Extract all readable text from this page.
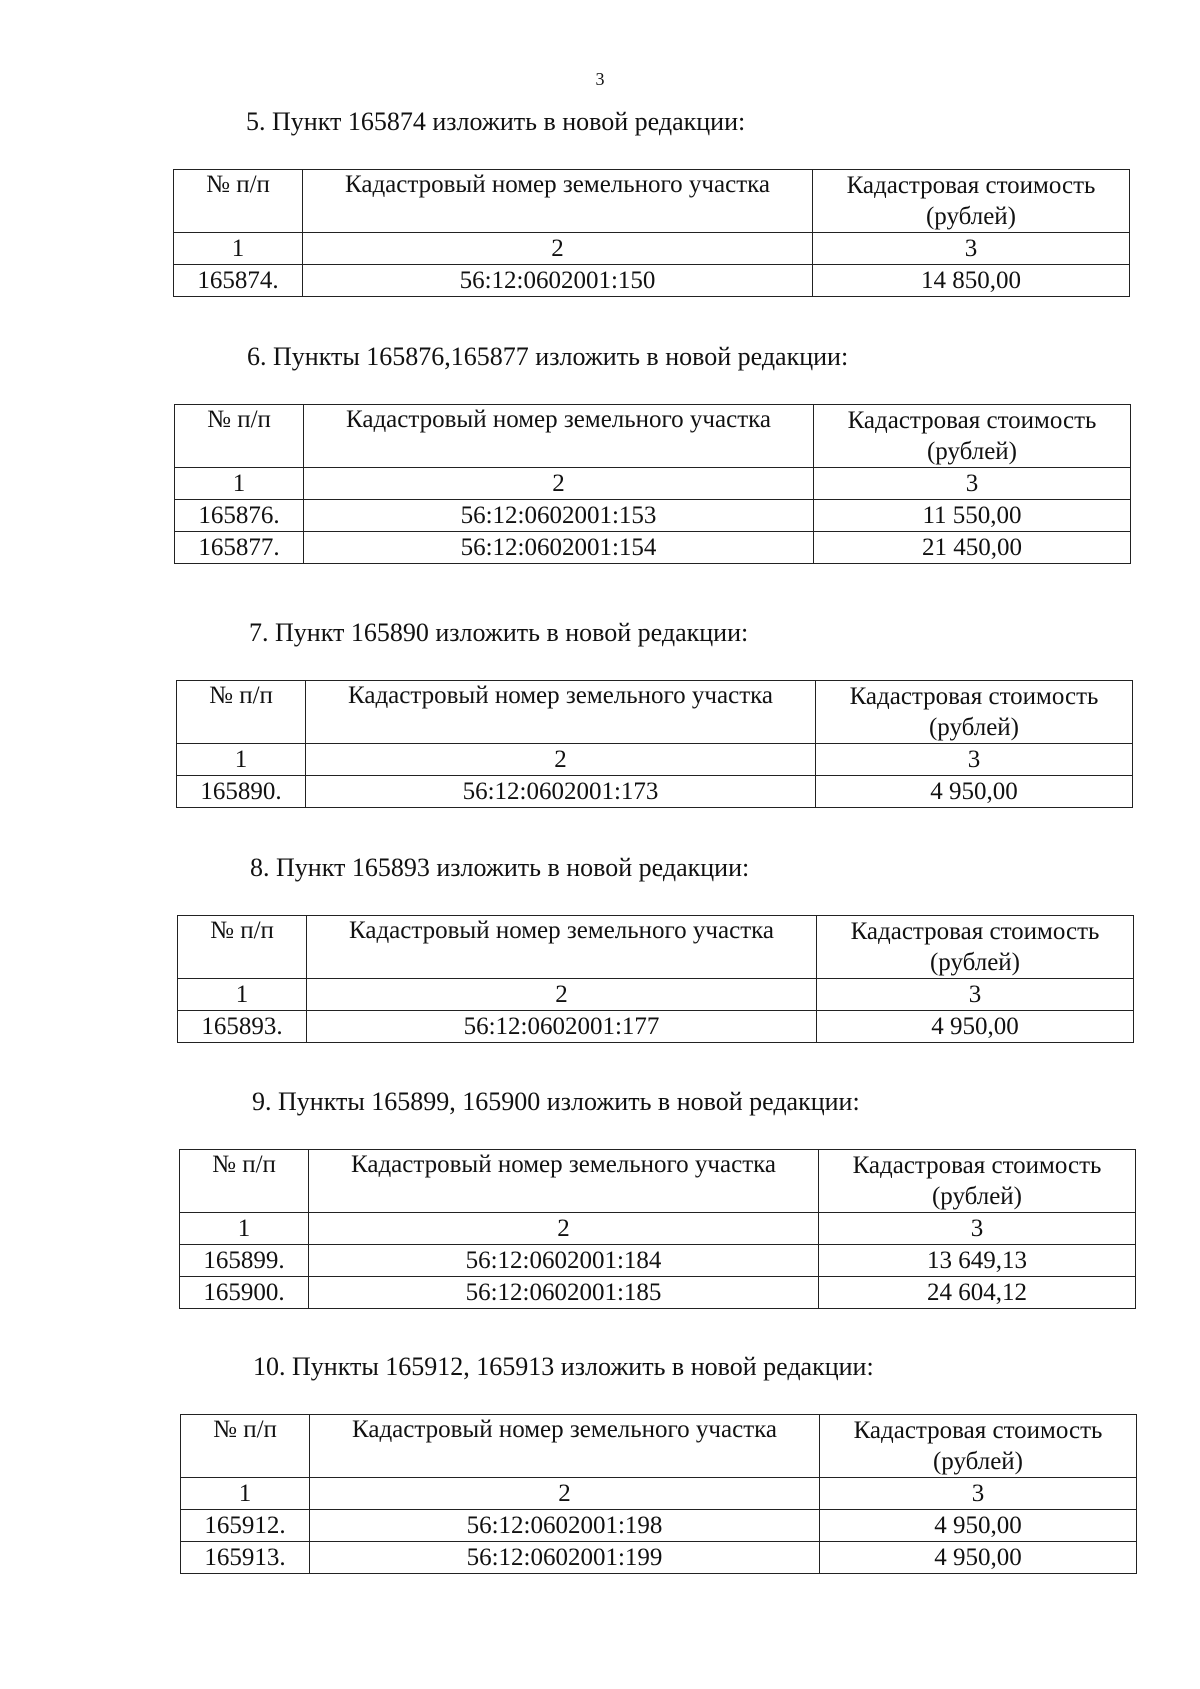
3
5. Пункт 165874 изложить в новой редакции:
№ п/п	Кадастровый номер земельного участка	Кадастровая стоимость
(рублей)
1	2	3
165874.	56:12:0602001:150	14 850,00
6. Пункты 165876,165877 изложить в новой редакции:
№ п/п	Кадастровый номер земельного участка	Кадастровая стоимость
(рублей)
1	2	3
165876.	56:12:0602001:153	11 550,00
165877.	56:12:0602001:154	21 450,00
7. Пункт 165890 изложить в новой редакции:
№ п/п	Кадастровый номер земельного участка	Кадастровая стоимость
(рублей)
1	2	3
165890.	56:12:0602001:173	4 950,00
8. Пункт 165893 изложить в новой редакции:
№ п/п	Кадастровый номер земельного участка	Кадастровая стоимость
(рублей)
1	2	3
165893.	56:12:0602001:177	4 950,00
9. Пункты 165899, 165900 изложить в новой редакции:
№ п/п	Кадастровый номер земельного участка	Кадастровая стоимость
(рублей)
1	2	3
165899.	56:12:0602001:184	13 649,13
165900.	56:12:0602001:185	24 604,12
10. Пункты 165912, 165913 изложить в новой редакции:
№ п/п	Кадастровый номер земельного участка	Кадастровая стоимость
(рублей)
1	2	3
165912.	56:12:0602001:198	4 950,00
165913.	56:12:0602001:199	4 950,00
